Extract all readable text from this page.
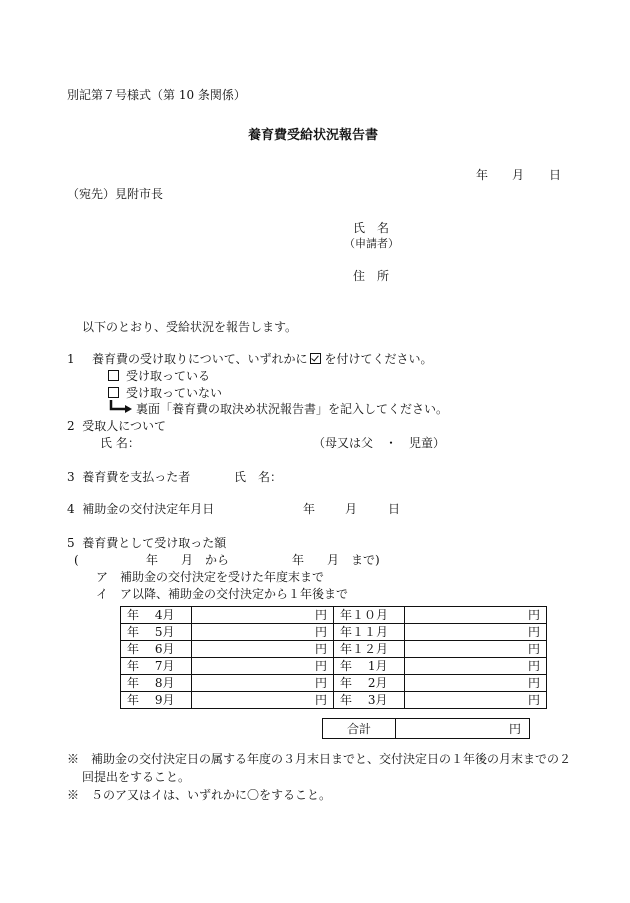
別記第７号様式（第 10 条関係）
養育費受給状況報告書
年 月 日
（宛先）見附市長
氏　名
（申請者）
住　所
以下のとおり、受給状況を報告します。
1 養育費の受け取りについて、いずれかに を付けてください。
受け取っている
受け取っていない
裏面「養育費の取決め状況報告書」を記入してください。
2  受取人について
氏 名：	（母又は父　・　児童）
3  養育費を支払った者	氏　名：
4  補助金の交付決定年月日	年 月	日
5  養育費として受け取った額
(	年 月　から	年 月　まで)
ア　補助金の交付決定を受けた年度末まで
イ　ア以降、補助金の交付決定から１年後まで
年　 4月		円	年１０月		円
年　 5月		円	年１１月		円
年　 6月		円	年１２月		円
年　 7月		円	年　 1月		円
年　 8月		円	年　 2月		円
年　 9月		円	年　 3月		円
合計	円
※　補助金の交付決定日の属する年度の３月末日までと、交付決定日の１年後の月末までの２
回提出をすること。
※　５のア又はイは、いずれかに〇をすること。
